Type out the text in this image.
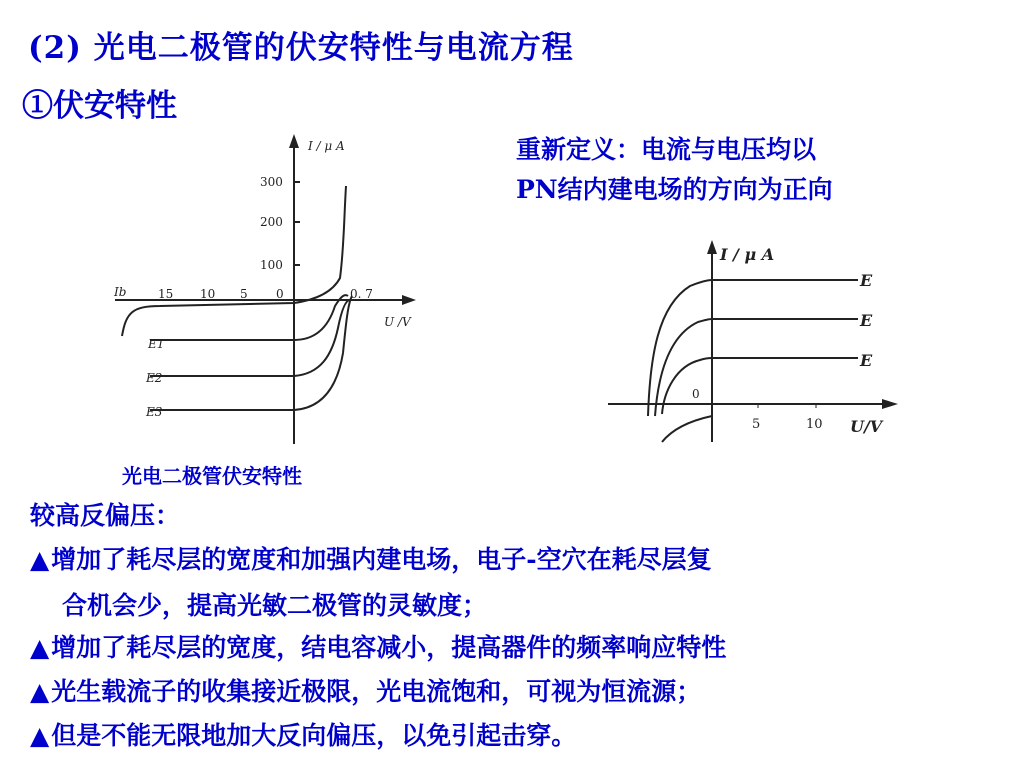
(2) 光电二极管的伏安特性与电流方程
①伏安特性
重新定义：电流与电压均以
PN结内建电场的方向为正向
I / μ A
U /V
300
200
100
15 10 5 0	0. 7
Ib
E1
E2
E3
光电二极管伏安特性
I / μ A
U/V
0
5	10
E
E
E
较高反偏压：
▲增加了耗尽层的宽度和加强内建电场，电子-空穴在耗尽层复
合机会少，提高光敏二极管的灵敏度；
▲增加了耗尽层的宽度，结电容减小，提高器件的频率响应特性
▲光生载流子的收集接近极限，光电流饱和，可视为恒流源；
▲但是不能无限地加大反向偏压，以免引起击穿。
